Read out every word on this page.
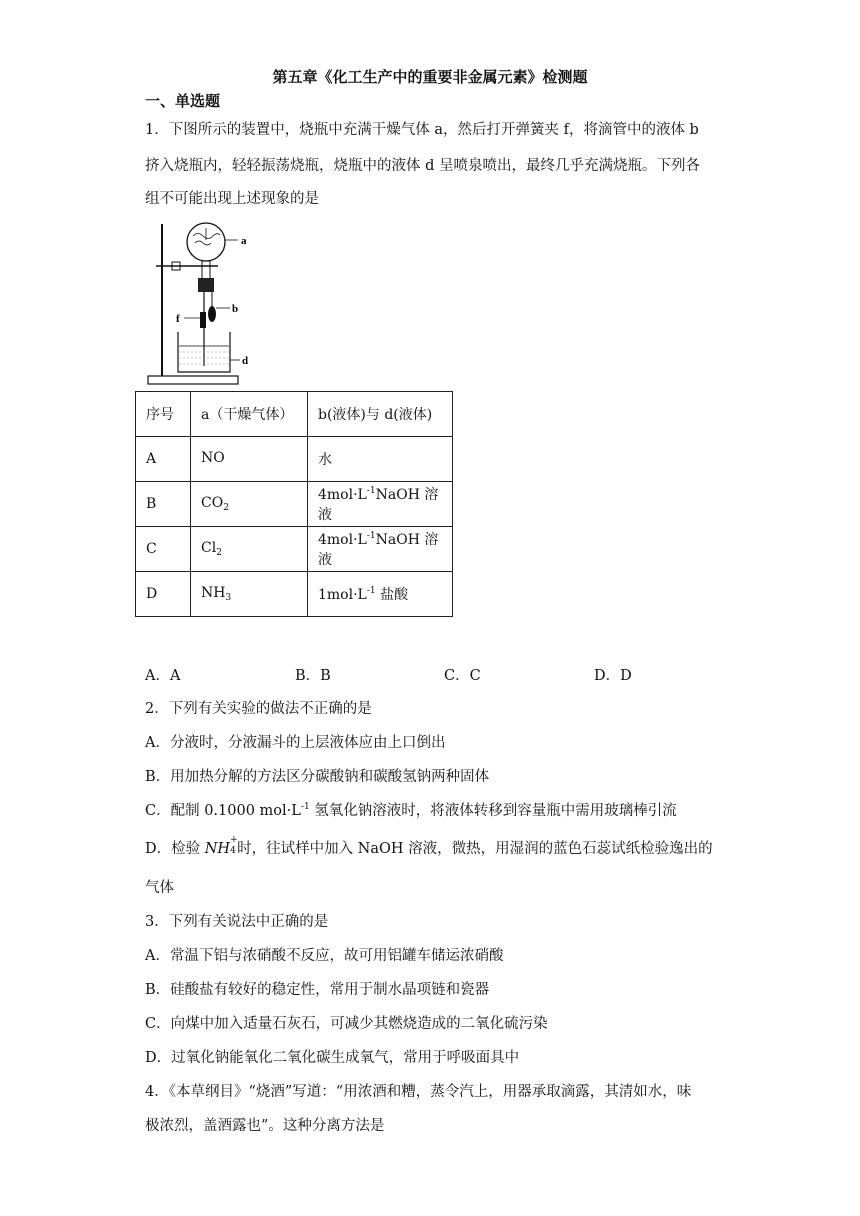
第五章《化工生产中的重要非金属元素》检测题
一、单选题
1．下图所示的装置中，烧瓶中充满干燥气体 a，然后打开弹簧夹 f，将滴管中的液体 b
挤入烧瓶内，轻轻振荡烧瓶，烧瓶中的液体 d 呈喷泉喷出，最终几乎充满烧瓶。下列各
组不可能出现上述现象的是
a
b
f
d
序号	a（干燥气体）	b(液体)与 d(液体)
A	NO	水
B	$CO_2$	$4mol\cdot L^{-1}NaOH$ 溶液
C	$Cl_2$	$4mol\cdot L^{-1}NaOH$ 溶液
D	$NH_3$	$1mol\cdot L^{-1}$ 盐酸
A．A	B．B	C．C	D．D
2．下列有关实验的做法不正确的是
A．分液时，分液漏斗的上层液体应由上口倒出
B．用加热分解的方法区分碳酸钠和碳酸氢钠两种固体
C．配制 0.1000 $mol\cdot L^{-1}$ 氢氧化钠溶液时，将液体转移到容量瓶中需用玻璃棒引流
D．检验 NH
+
4 时，往试样中加入 NaOH 溶液，微热，用湿润的蓝色石蕊试纸检验逸出的
气体
3．下列有关说法中正确的是
A．常温下铝与浓硝酸不反应，故可用铝罐车储运浓硝酸
B．硅酸盐有较好的稳定性，常用于制水晶项链和瓷器
C．向煤中加入适量石灰石，可减少其燃烧造成的二氧化硫污染
D．过氧化钠能氧化二氧化碳生成氧气，常用于呼吸面具中
4．《本草纲目》“烧酒”写道：“用浓酒和糟，蒸令汽上，用器承取滴露，其清如水，味
极浓烈，盖酒露也”。这种分离方法是
